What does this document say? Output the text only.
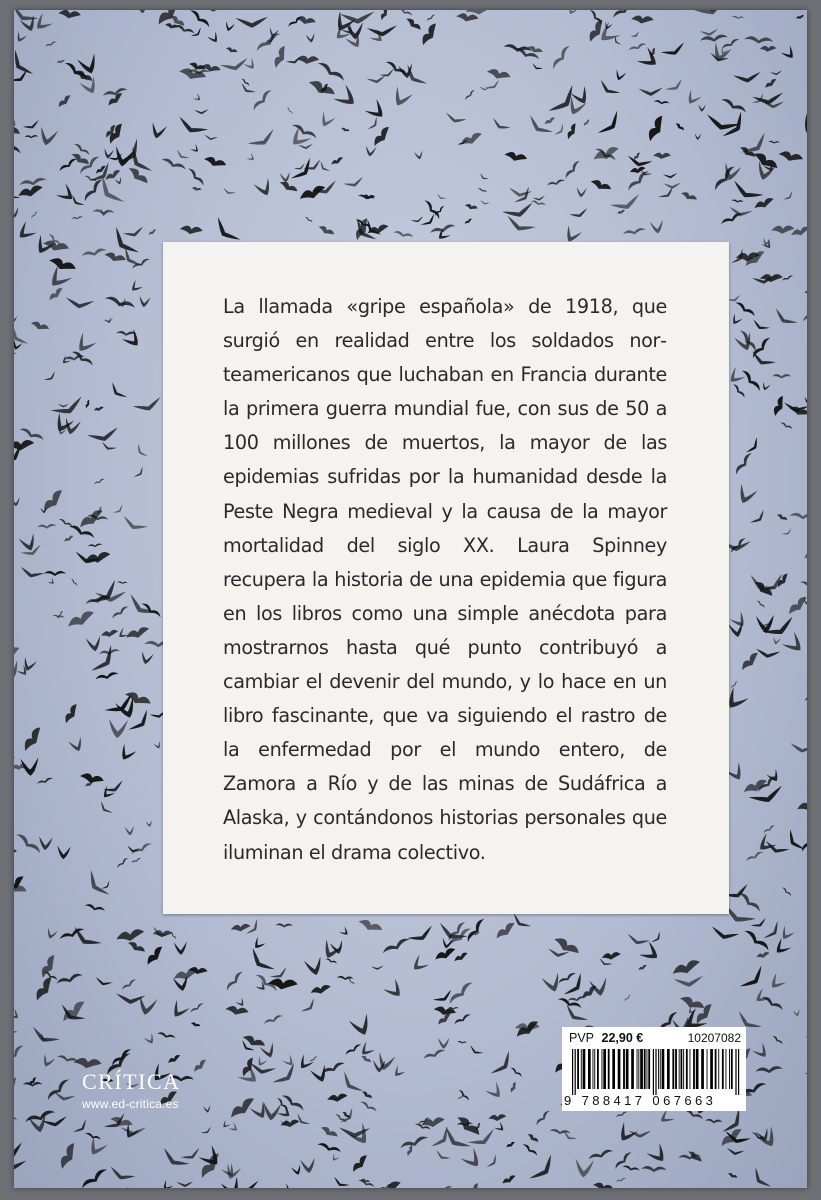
La llamada «gripe española» de 1918, que surgió en realidad entre los soldados norteamericanos que luchaban en Francia durante la primera guerra mundial fue, con sus de 50 a 100 millones de muertos, la mayor de las epidemias sufridas por la humanidad desde la Peste Negra medieval y la causa de la mayor mortalidad del siglo XX. Laura Spinney recupera la historia de una epidemia que figura en los libros como una simple anécdota para mostrarnos hasta qué punto contribuyó a cambiar el devenir del mundo, y lo hace en un libro fascinante, que va siguiendo el rastro de la enfermedad por el mundo entero, de Zamora a Río y de las minas de Sudáfrica a Alaska, y contándonos historias personales que iluminan el drama colectivo.

CRÍTICA
www.ed-critica.es
PVP 22,90 €	10207082
9 788417 067663
